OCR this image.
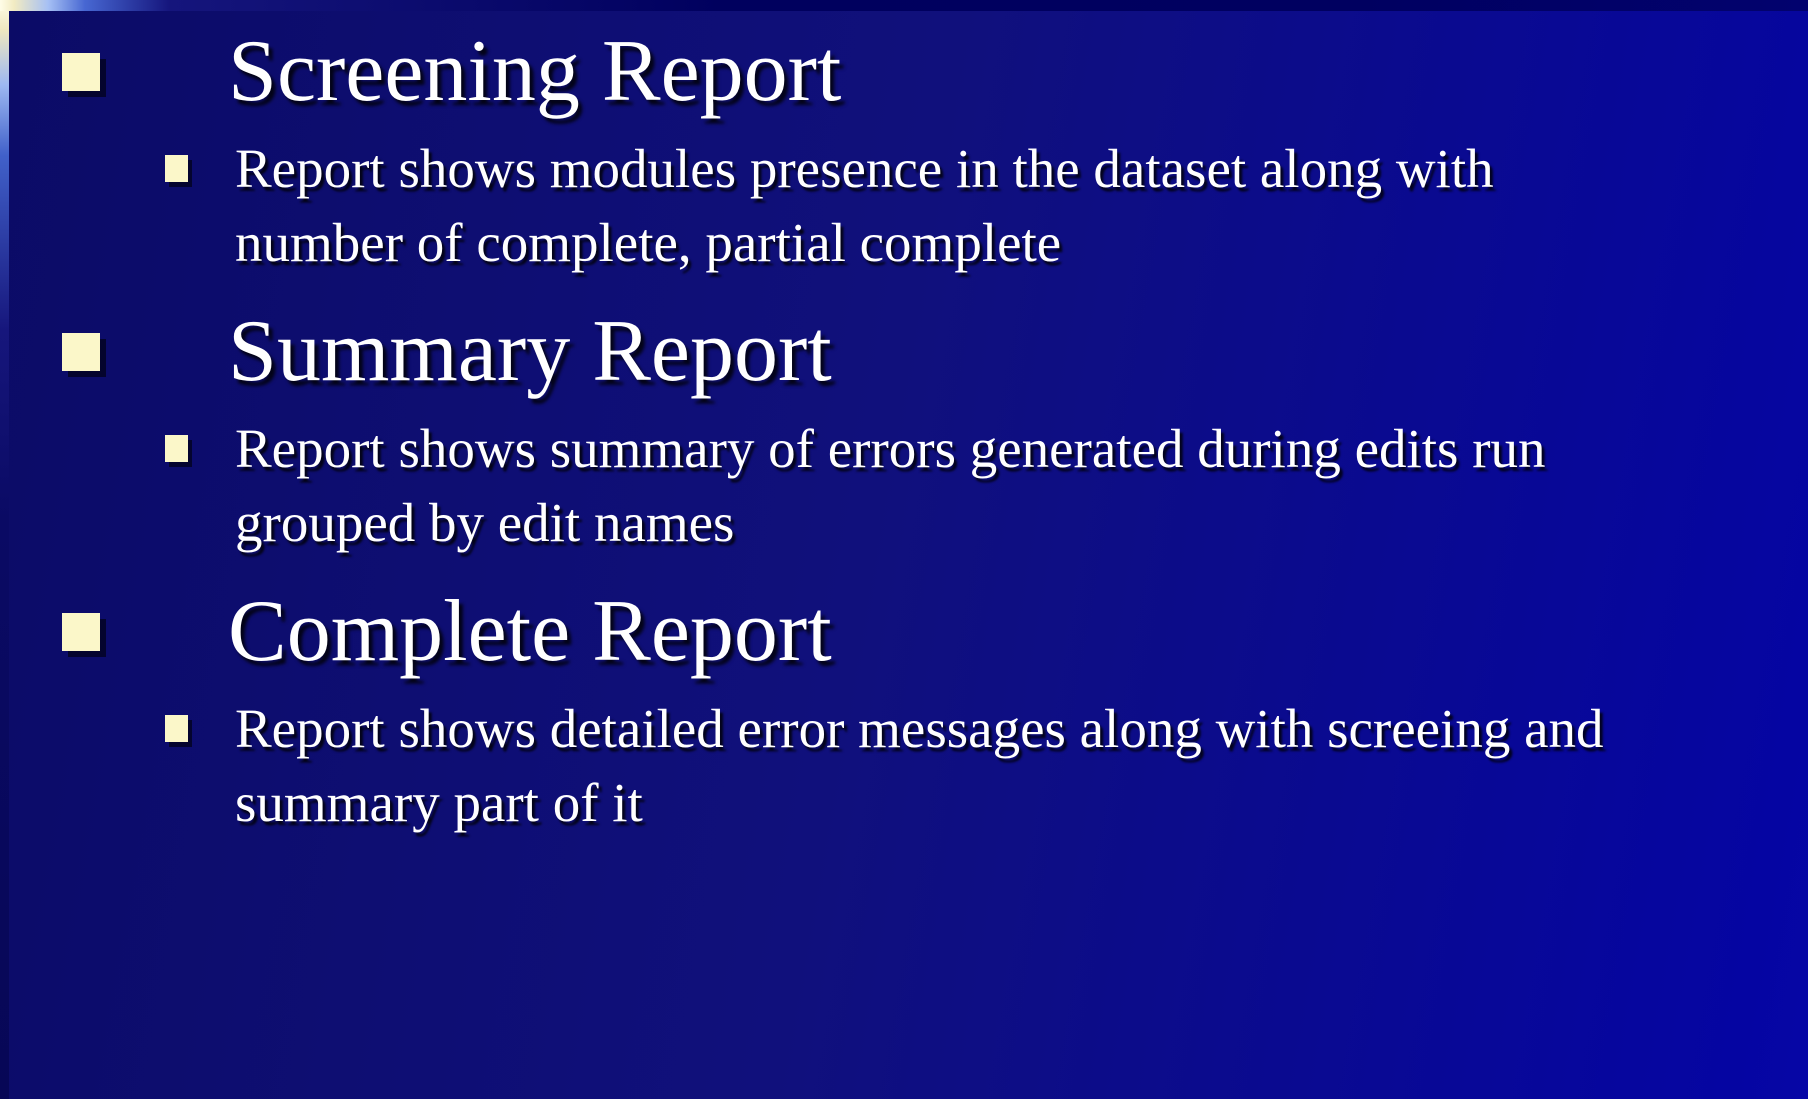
Screening Report
Report shows modules presence in the dataset along with
number of complete, partial complete
Summary Report
Report shows summary of errors generated during edits run
grouped by edit names
Complete Report
Report shows detailed error messages along with screeing and
summary part of it
